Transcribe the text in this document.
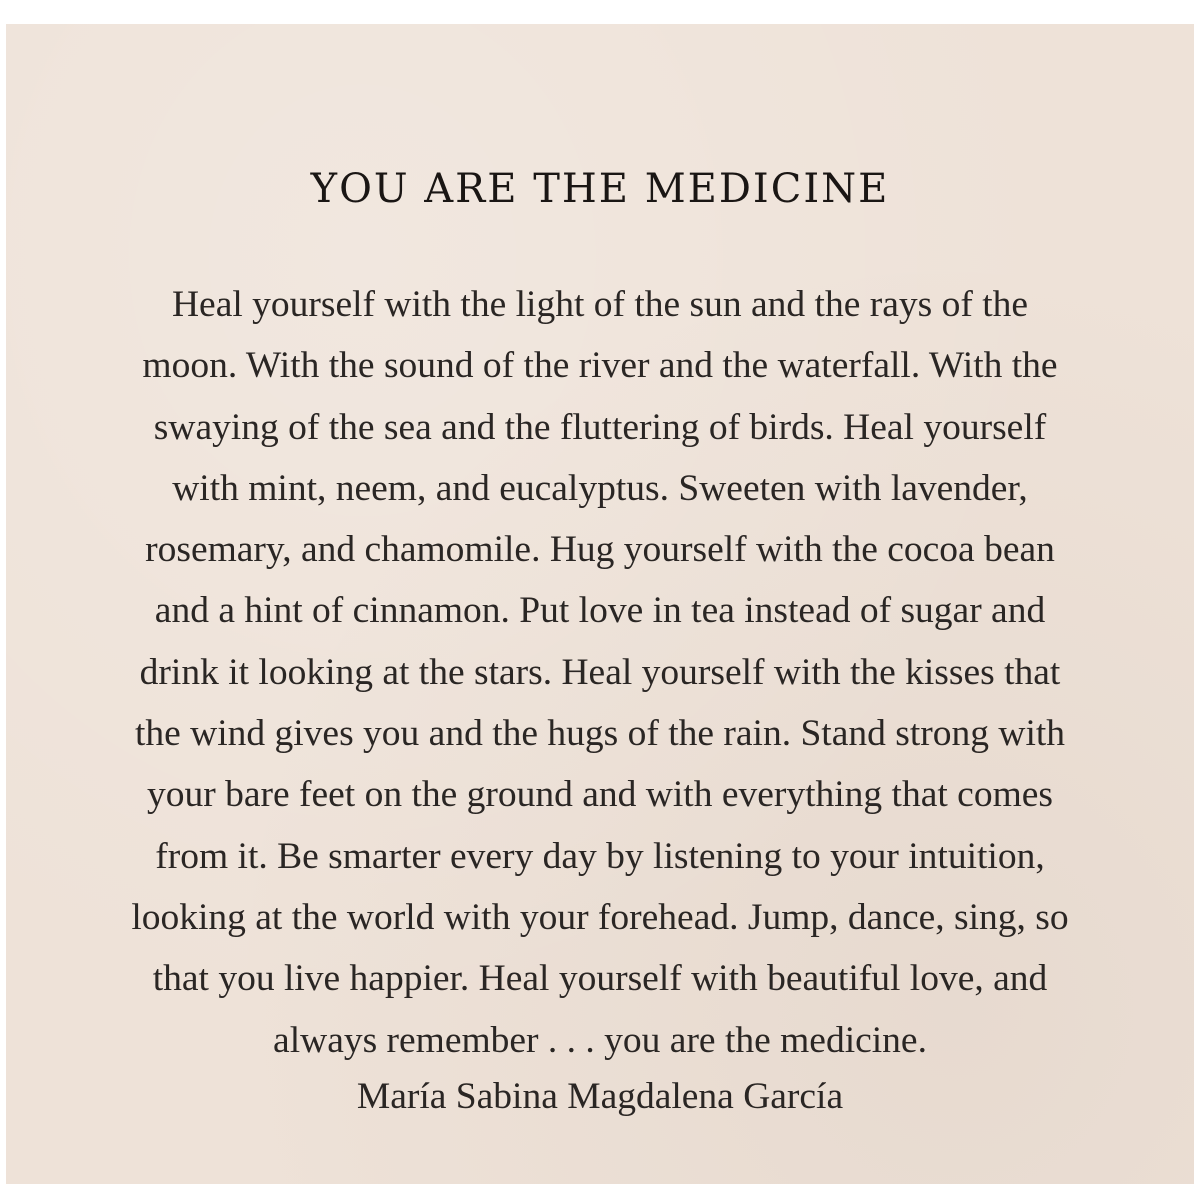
YOU ARE THE MEDICINE
Heal yourself with the light of the sun and the rays of the
moon. With the sound of the river and the waterfall. With the
swaying of the sea and the fluttering of birds. Heal yourself
with mint, neem, and eucalyptus. Sweeten with lavender,
rosemary, and chamomile. Hug yourself with the cocoa bean
and a hint of cinnamon. Put love in tea instead of sugar and
drink it looking at the stars. Heal yourself with the kisses that
the wind gives you and the hugs of the rain. Stand strong with
your bare feet on the ground and with everything that comes
from it. Be smarter every day by listening to your intuition,
looking at the world with your forehead. Jump, dance, sing, so
that you live happier. Heal yourself with beautiful love, and
always remember . . . you are the medicine.

María Sabina Magdalena García
